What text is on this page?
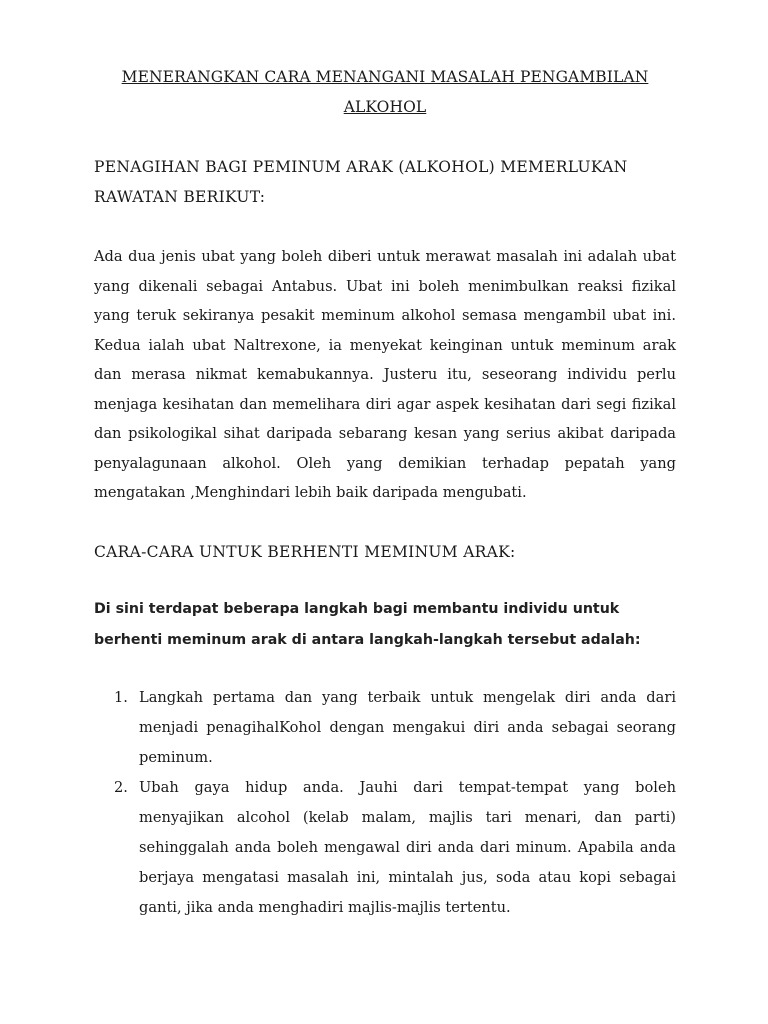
MENERANGKAN CARA MENANGANI MASALAH PENGAMBILAN
ALKOHOL
PENAGIHAN BAGI PEMINUM ARAK (ALKOHOL) MEMERLUKAN RAWATAN BERIKUT:

Ada dua jenis ubat yang boleh diberi untuk merawat masalah ini adalah ubat yang dikenali sebagai Antabus. Ubat ini boleh menimbulkan reaksi fizikal yang teruk sekiranya pesakit meminum alkohol semasa mengambil ubat ini. Kedua ialah ubat Naltrexone, ia menyekat keinginan untuk meminum arak dan merasa nikmat kemabukannya. Justeru itu, seseorang individu perlu menjaga kesihatan dan memelihara diri agar aspek kesihatan dari segi fizikal dan psikologikal sihat daripada sebarang kesan yang serius akibat daripada penyalagunaan alkohol. Oleh yang demikian terhadap pepatah yang mengatakan ‚Menghindari lebih baik daripada mengubati.

CARA-CARA UNTUK BERHENTI MEMINUM ARAK:

Di sini terdapat beberapa langkah bagi membantu individu untuk berhenti meminum arak di antara langkah-langkah tersebut adalah:

1. Langkah pertama dan yang terbaik untuk mengelak diri anda dari menjadi penagihalKohol dengan mengakui diri anda sebagai seorang peminum.
2. Ubah gaya hidup anda. Jauhi dari tempat-tempat yang boleh menyajikan alcohol (kelab malam, majlis tari menari, dan parti) sehinggalah anda boleh mengawal diri anda dari minum. Apabila anda berjaya mengatasi masalah ini, mintalah jus, soda atau kopi sebagai ganti, jika anda menghadiri majlis-majlis tertentu.
